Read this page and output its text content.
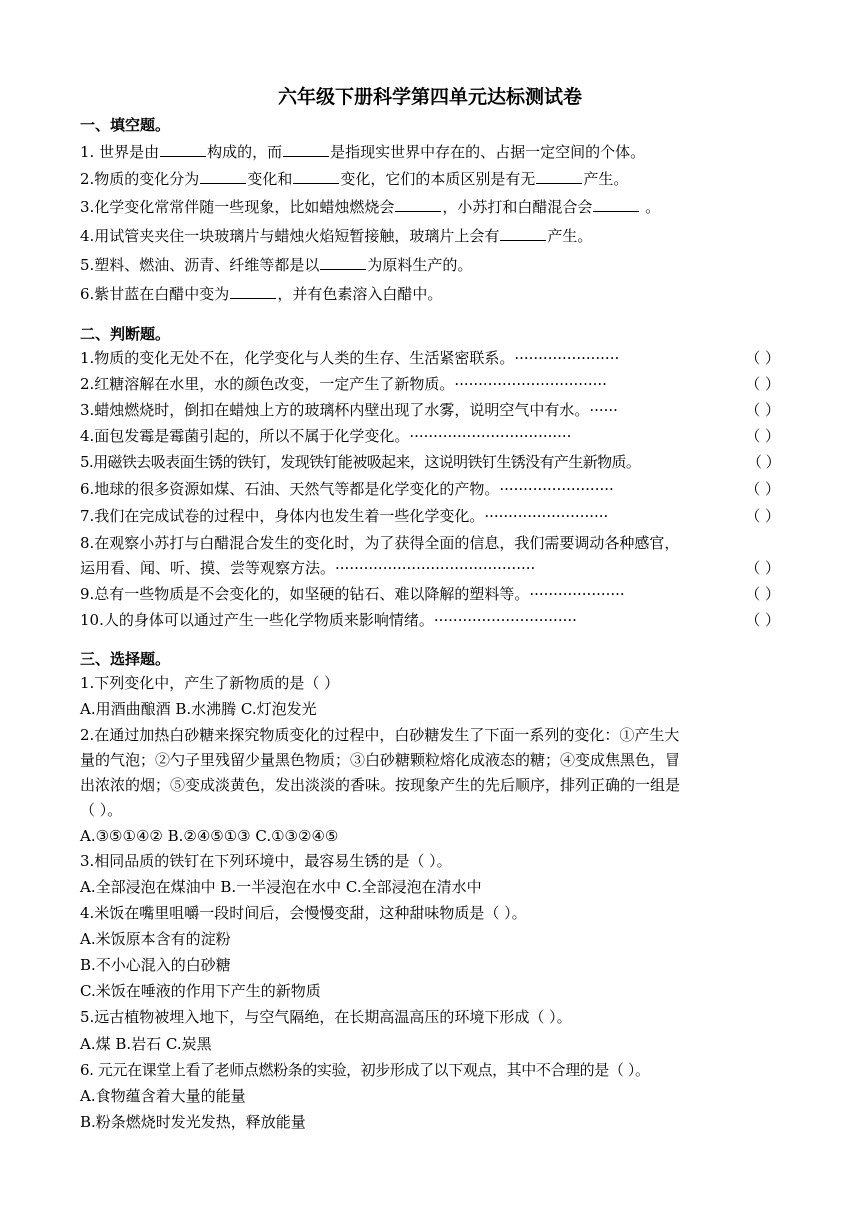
六年级下册科学第四单元达标测试卷
一、填空题。
1. 世界是由	构成的，而	是指现实世界中存在的、占据一定空间的个体。
2.物质的变化分为	变化和	变化，它们的本质区别是有无	产生。
3.化学变化常常伴随一些现象，比如蜡烛燃烧会	，小苏打和白醋混合会	。
4.用试管夹夹住一块玻璃片与蜡烛火焰短暂接触，玻璃片上会有	产生。
5.塑料、燃油、沥青、纤维等都是以	为原料生产的。
6.紫甘蓝在白醋中变为	，并有色素溶入白醋中。
二、判断题。
1.物质的变化无处不在，化学变化与人类的生存、生活紧密联系。······················	（ ）
2.红糖溶解在水里，水的颜色改变，一定产生了新物质。································	（ ）
3.蜡烛燃烧时，倒扣在蜡烛上方的玻璃杯内壁出现了水雾，说明空气中有水。······	（ ）
4.面包发霉是霉菌引起的，所以不属于化学变化。··································	（ ）
5.用磁铁去吸表面生锈的铁钉，发现铁钉能被吸起来，这说明铁钉生锈没有产生新物质。	（ ）
6.地球的很多资源如煤、石油、天然气等都是化学变化的产物。························	（ ）
7.我们在完成试卷的过程中，身体内也发生着一些化学变化。··························	（ ）
8.在观察小苏打与白醋混合发生的变化时，为了获得全面的信息，我们需要调动各种感官，
运用看、闻、听、摸、尝等观察方法。··········································	（ ）
9.总有一些物质是不会变化的，如坚硬的钻石、难以降解的塑料等。····················	（ ）
10.人的身体可以通过产生一些化学物质来影响情绪。······························	（ ）
三、选择题。
1.下列变化中，产生了新物质的是（ ）
A.用酒曲酿酒 B.水沸腾 C.灯泡发光
2.在通过加热白砂糖来探究物质变化的过程中，白砂糖发生了下面一系列的变化：①产生大
量的气泡；②勺子里残留少量黑色物质；③白砂糖颗粒熔化成液态的糖；④变成焦黑色，冒
出浓浓的烟；⑤变成淡黄色，发出淡淡的香味。按现象产生的先后顺序，排列正确的一组是
（ ）。
A.③⑤①④② B.②④⑤①③ C.①③②④⑤
3.相同品质的铁钉在下列环境中，最容易生锈的是（ ）。
A.全部浸泡在煤油中 B.一半浸泡在水中 C.全部浸泡在清水中
4.米饭在嘴里咀嚼一段时间后，会慢慢变甜，这种甜味物质是（ ）。
A.米饭原本含有的淀粉
B.不小心混入的白砂糖
C.米饭在唾液的作用下产生的新物质
5.远古植物被埋入地下，与空气隔绝，在长期高温高压的环境下形成（ ）。
A.煤 B.岩石 C.炭黑
6. 元元在课堂上看了老师点燃粉条的实验，初步形成了以下观点，其中不合理的是（ ）。
A.食物蕴含着大量的能量
B.粉条燃烧时发光发热，释放能量
